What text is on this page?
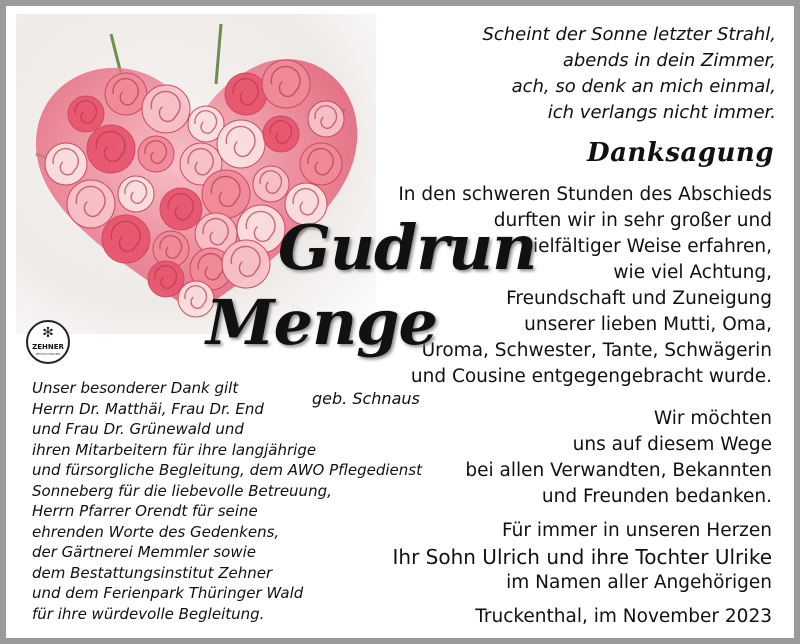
✻
ZEHNER
BESTATTUNGEN
Scheint der Sonne letzter Strahl,
abends in dein Zimmer,
ach, so denk an mich einmal,
ich verlangs nicht immer.
Danksagung
In den schweren Stunden des Abschieds
durften wir in sehr großer und
vielfältiger Weise erfahren,
wie viel Achtung,
Freundschaft und Zuneigung
unserer lieben Mutti, Oma,
Uroma, Schwester, Tante, Schwägerin
und Cousine entgegengebracht wurde.
Gudrun
Menge
geb. Schnaus
Wir möchten
uns auf diesem Wege
bei allen Verwandten, Bekannten
und Freunden bedanken.
Für immer in unseren Herzen
Ihr Sohn Ulrich und ihre Tochter Ulrike
im Namen aller Angehörigen
Truckenthal, im November 2023
Unser besonderer Dank gilt
Herrn Dr. Matthäi, Frau Dr. End
und Frau Dr. Grünewald und
ihren Mitarbeitern für ihre langjährige
und fürsorgliche Begleitung, dem AWO Pflegedienst
Sonneberg für die liebevolle Betreuung,
Herrn Pfarrer Orendt für seine
ehrenden Worte des Gedenkens,
der Gärtnerei Memmler sowie
dem Bestattungsinstitut Zehner
und dem Ferienpark Thüringer Wald
für ihre würdevolle Begleitung.
